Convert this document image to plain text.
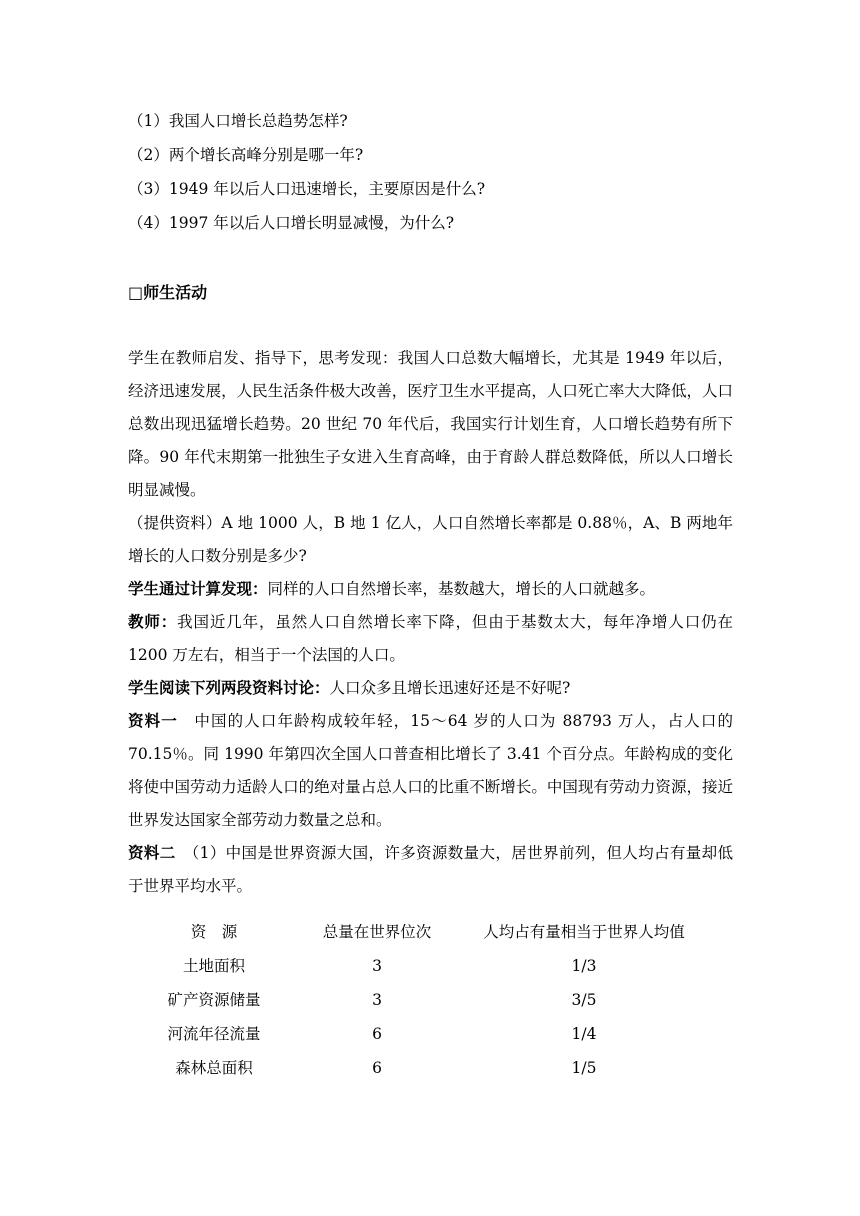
（1）我国人口增长总趋势怎样?
（2）两个增长高峰分别是哪一年?
（3）1949 年以后人口迅速增长，主要原因是什么?
（4）1997 年以后人口增长明显减慢，为什么?
□师生活动
学生在教师启发、指导下，思考发现：我国人口总数大幅增长，尤其是 1949 年以后，经济迅速发展，人民生活条件极大改善，医疗卫生水平提高，人口死亡率大大降低，人口总数出现迅猛增长趋势。20 世纪 70 年代后，我国实行计划生育，人口增长趋势有所下降。90 年代末期第一批独生子女进入生育高峰，由于育龄人群总数降低，所以人口增长明显减慢。
（提供资料）A 地 1000 人，B 地 1 亿人，人口自然增长率都是 0.88％，A、B 两地年增长的人口数分别是多少?
学生通过计算发现：同样的人口自然增长率，基数越大，增长的人口就越多。
教师：我国近几年，虽然人口自然增长率下降，但由于基数太大，每年净增人口仍在 1200 万左右，相当于一个法国的人口。
学生阅读下列两段资料讨论：人口众多且增长迅速好还是不好呢?
资料一　中国的人口年龄构成较年轻，15～64 岁的人口为 88793 万人，占人口的 70.15％。同 1990 年第四次全国人口普查相比增长了 3.41 个百分点。年龄构成的变化将使中国劳动力适龄人口的绝对量占总人口的比重不断增长。中国现有劳动力资源，接近世界发达国家全部劳动力数量之总和。
资料二　（1）中国是世界资源大国，许多资源数量大，居世界前列，但人均占有量却低于世界平均水平。
资　源	总量在世界位次	人均占有量相当于世界人均值
土地面积	3	1/3
矿产资源储量	3	3/5
河流年径流量	6	1/4
森林总面积	6	1/5
